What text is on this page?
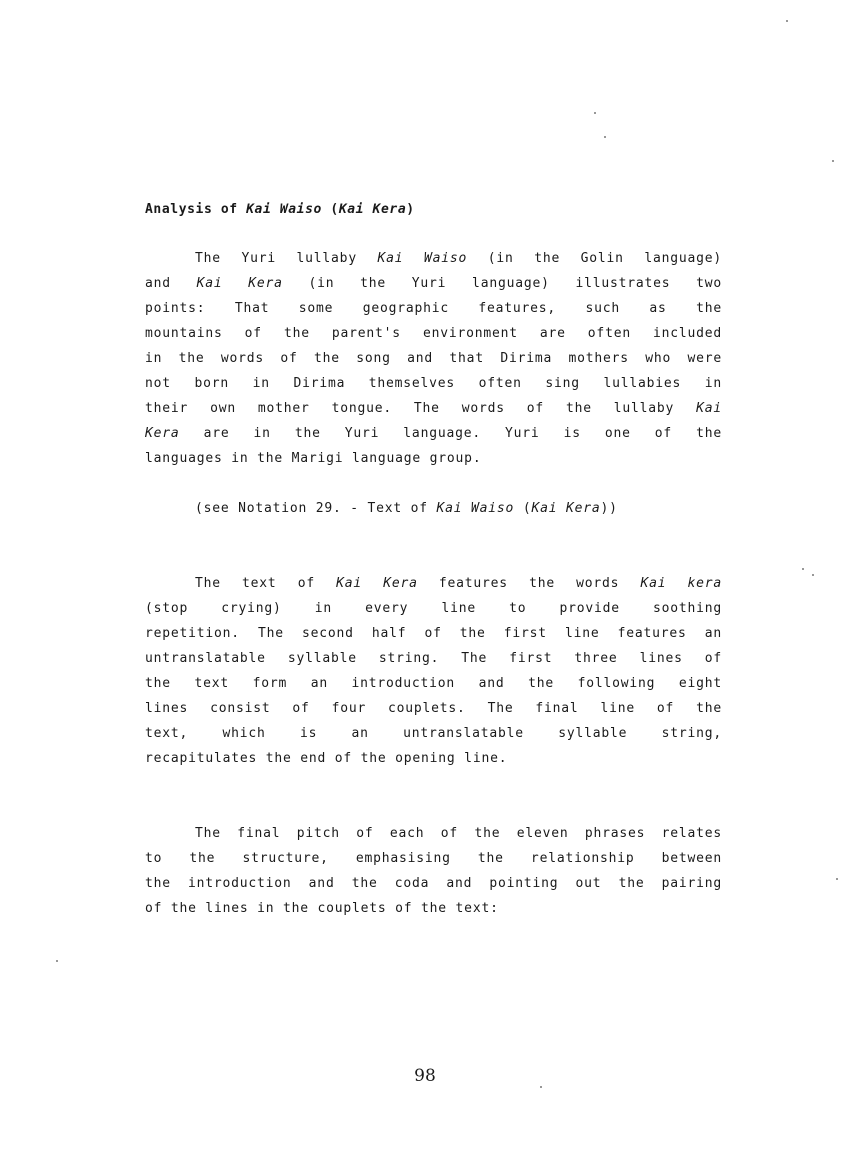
Analysis of Kai Waiso (Kai Kera)
The Yuri lullaby Kai Waiso (in the Golin language)
and Kai Kera (in the Yuri language) illustrates two
points: That some geographic features, such as the
mountains of the parent's environment are often included
in the words of the song and that Dirima mothers who were
not born in Dirima themselves often sing lullabies in
their own mother tongue. The words of the lullaby Kai
Kera are in the Yuri language. Yuri is one of the
languages in the Marigi language group.
(see Notation 29. - Text of Kai Waiso (Kai Kera))
The text of Kai Kera features the words Kai kera
(stop crying) in every line to provide soothing
repetition. The second half of the first line features an
untranslatable syllable string. The first three lines of
the text form an introduction and the following eight
lines consist of four couplets. The final line of the
text, which is an untranslatable syllable string,
recapitulates the end of the opening line.
The final pitch of each of the eleven phrases relates
to the structure, emphasising the relationship between
the introduction and the coda and pointing out the pairing
of the lines in the couplets of the text:
98
